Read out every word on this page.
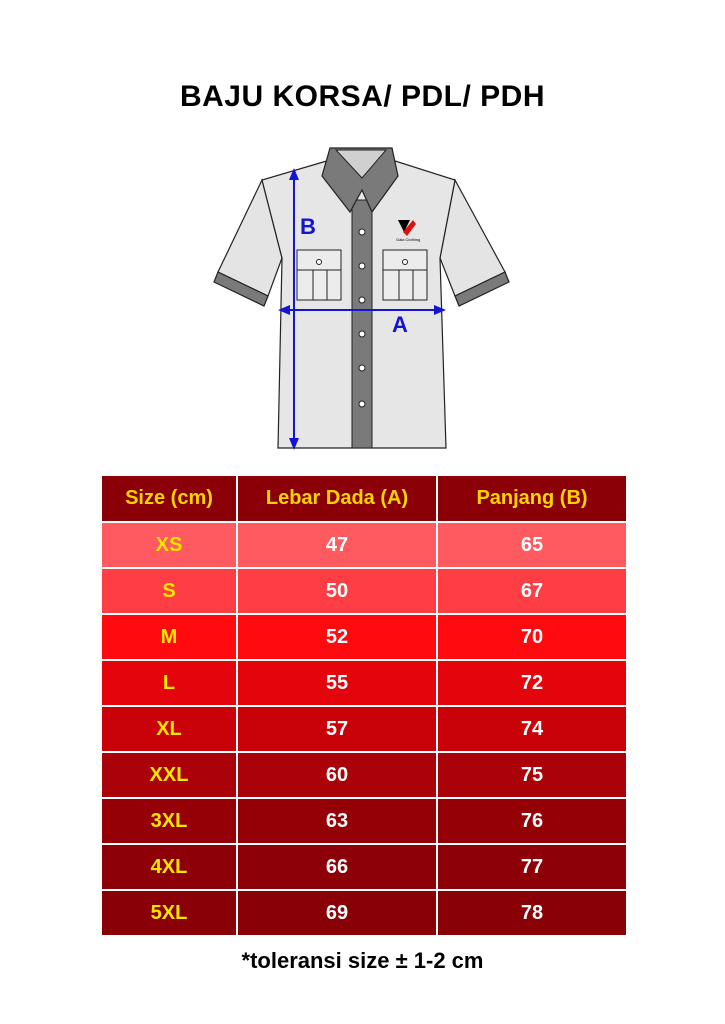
BAJU KORSA/ PDL/ PDH
Gala Clothing
B
A
Size (cm)	Lebar Dada (A)	Panjang (B)
XS	47	65
S	50	67
M	52	70
L	55	72
XL	57	74
XXL	60	75
3XL	63	76
4XL	66	77
5XL	69	78
*toleransi size ± 1-2 cm
